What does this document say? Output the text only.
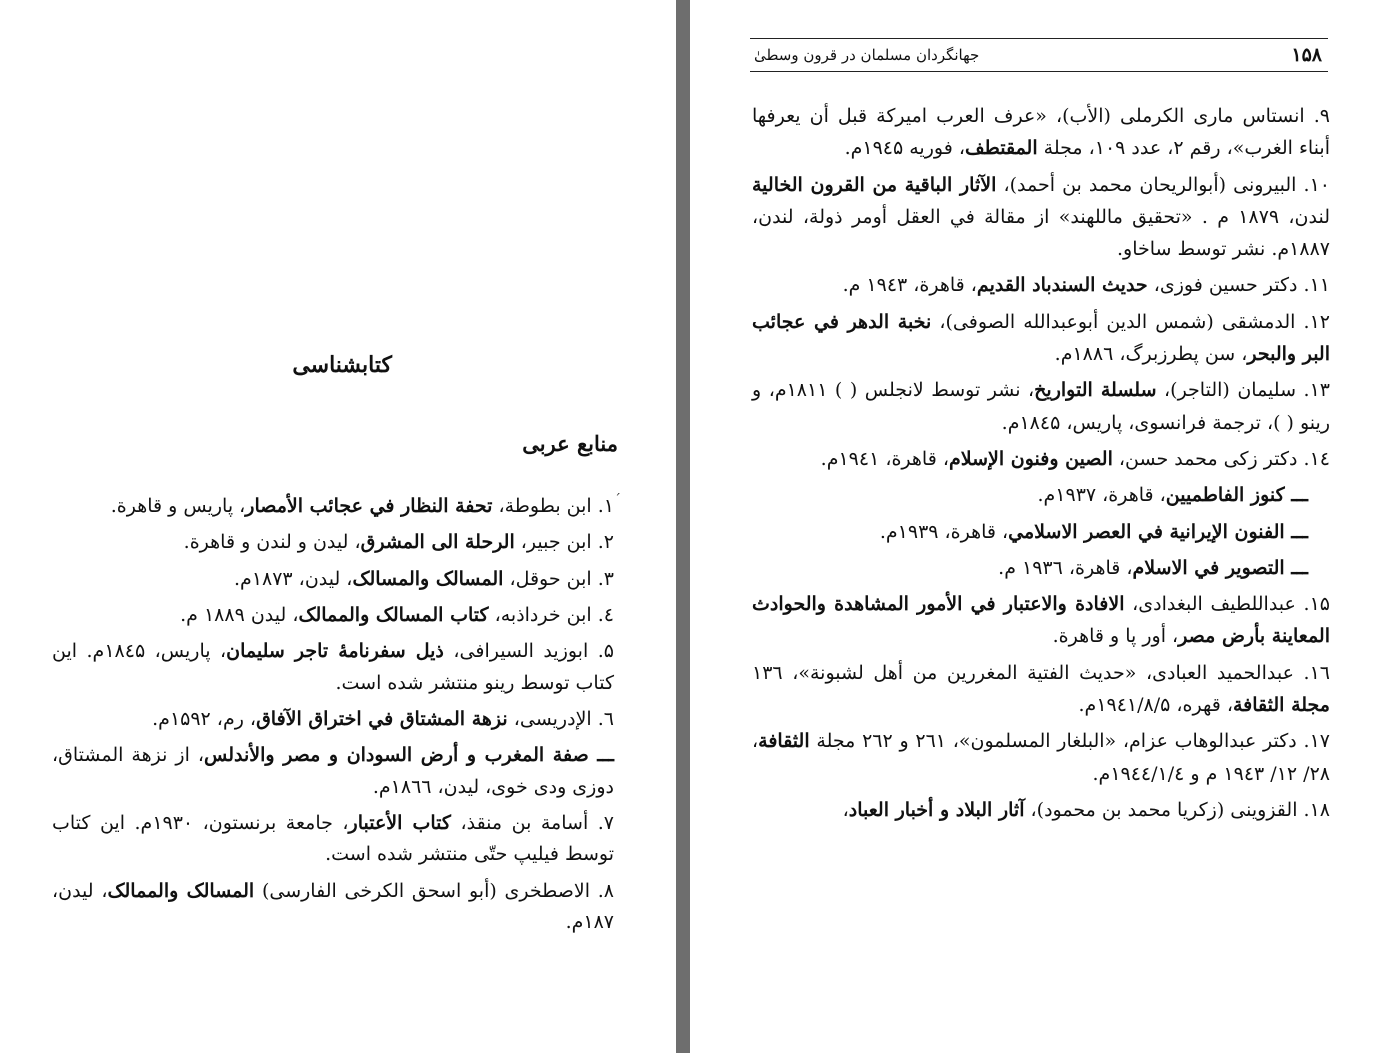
کتابشناسی
منابع عربی
ˊ
۱. ابن بطوطة، تحفة النظار في عجائب الأمصار، پاریس و قاهرة.
۲. ابن جبیر، الرحلة الی المشرق، لیدن و لندن و قاهرة.
۳. ابن حوقل، المسالک والمسالک، لیدن، ۱۸۷۳م.
٤. ابن خرداذبه، کتاب المسالک والممالک، لیدن ۱۸۸۹ م.
۵. ابوزید السیرافی، ذیل سفرنامۀ تاجر سلیمان، پاریس، ۱۸٤۵م. این کتاب توسط رینو منتشر شده است.
٦. الإدریسی، نزهة المشتاق في اختراق الآفاق، رم، ۱۵۹۲م.
ـــ صفة المغرب و أرض السودان و مصر والأندلس، از نزهة المشتاق، دوزی ودی خوی، لیدن، ۱۸٦٦م.
۷. أسامة بن منقذ، کتاب الأعتبار، جامعة برنستون، ۱۹۳۰م. این کتاب توسط فیلیپ حتّی منتشر شده است.
۸. الاصطخری (أبو اسحق الکرخی الفارسی) المسالک والممالک، لیدن، ۱۸۷م.
۱۵۸
جهانگردان مسلمان در قرون وسطیٰ
۹. انستاس ماری الکرملی (الأب)، «عرف العرب امیرکة قبل أن یعرفها أبناء الغرب»، رقم ۲، عدد ۱۰۹، مجلة المقتطف، فوریه ۱۹٤۵م.
۱۰. البیرونی (أبوالریحان محمد بن أحمد)، الآثار الباقیة من القرون الخالیة لندن، ۱۸۷۹ م . «تحقیق ماللهند» از مقالة في العقل أومر ذولة، لندن، ۱۸۸۷م. نشر توسط ساخاو.
۱۱. دکتر حسین فوزی، حدیث السندباد القدیم، قاهرة، ۱۹٤۳ م.
۱۲. الدمشقی (شمس الدین أبوعبدالله الصوفی)، نخبة الدهر في عجائب البر والبحر، سن پطرزبرگ، ۱۸۸٦م.
۱۳. سلیمان (التاجر)، سلسلة التواریخ، نشر توسط لانجلس ( ) ۱۸۱۱م، و رینو ( )، ترجمة فرانسوی، پاریس، ۱۸٤۵م.
۱٤. دکتر زکی محمد حسن، الصین وفنون الإسلام، قاهرة، ۱۹٤۱م.
ـــ کنوز الفاطمیین، قاهرة، ۱۹۳۷م.
ـــ الفنون الإیرانیة في العصر الاسلامي، قاهرة، ۱۹۳۹م.
ـــ التصویر في الاسلام، قاهرة، ۱۹۳٦ م.
۱۵. عبداللطیف البغدادی، الافادة والاعتبار في الأمور المشاهدة والحوادث المعاینة بأرض مصر، أور پا و قاهرة.
۱٦. عبدالحمید العبادی، «حدیث الفتیة المغررین من أهل لشبونة»، ۱۳٦ مجلة الثقافة، قهره، ۱۹٤۱/۸/۵م.
۱۷. دکتر عبدالوهاب عزام، «البلغار المسلمون»، ۲٦۱ و ۲٦۲ مجلة الثقافة، ۲۸/ ۱۲/ ۱۹٤۳ م و ۱۹٤٤/۱/٤م.
۱۸. القزوینی (زکریا محمد بن محمود)، آثار البلاد و أخبار العباد،
